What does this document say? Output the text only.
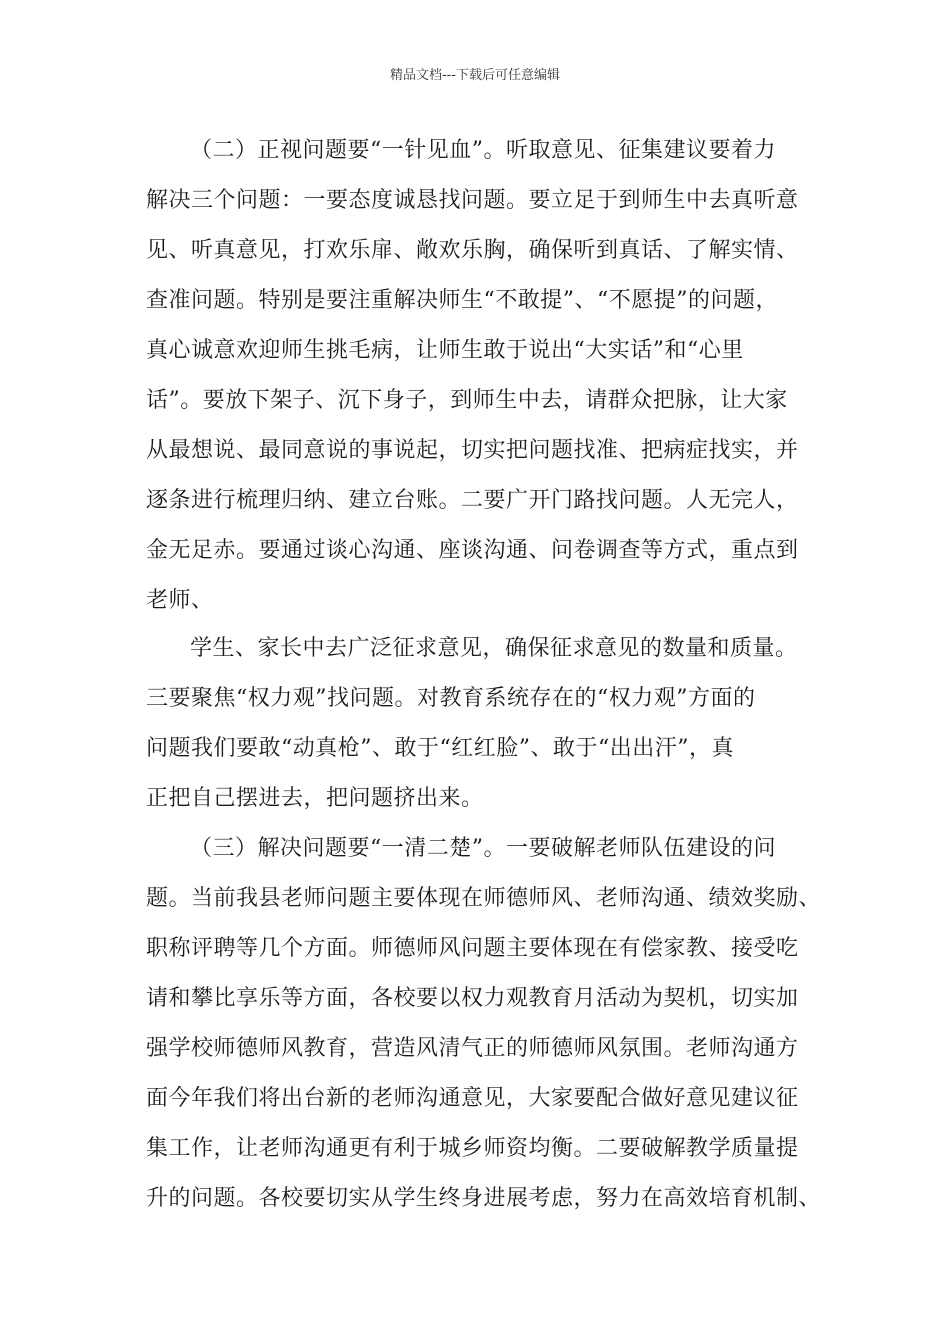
精品文档---下载后可任意编辑
（二）正视问题要“一针见血”。听取意见、征集建议要着力
解决三个问题：一要态度诚恳找问题。要立足于到师生中去真听意
见、听真意见，打欢乐扉、敞欢乐胸，确保听到真话、了解实情、
查准问题。特别是要注重解决师生“不敢提”、“不愿提”的问题，
真心诚意欢迎师生挑毛病，让师生敢于说出“大实话”和“心里
话”。要放下架子、沉下身子，到师生中去，请群众把脉，让大家
从最想说、最同意说的事说起，切实把问题找准、把病症找实，并
逐条进行梳理归纳、建立台账。二要广开门路找问题。人无完人，
金无足赤。要通过谈心沟通、座谈沟通、问卷调查等方式，重点到
老师、
学生、家长中去广泛征求意见，确保征求意见的数量和质量。
三要聚焦“权力观”找问题。对教育系统存在的“权力观”方面的
问题我们要敢“动真枪”、敢于“红红脸”、敢于“出出汗”，真
正把自己摆进去，把问题挤出来。
（三）解决问题要“一清二楚”。一要破解老师队伍建设的问
题。当前我县老师问题主要体现在师德师风、老师沟通、绩效奖励、
职称评聘等几个方面。师德师风问题主要体现在有偿家教、接受吃
请和攀比享乐等方面，各校要以权力观教育月活动为契机，切实加
强学校师德师风教育，营造风清气正的师德师风氛围。老师沟通方
面今年我们将出台新的老师沟通意见，大家要配合做好意见建议征
集工作，让老师沟通更有利于城乡师资均衡。二要破解教学质量提
升的问题。各校要切实从学生终身进展考虑，努力在高效培育机制、
